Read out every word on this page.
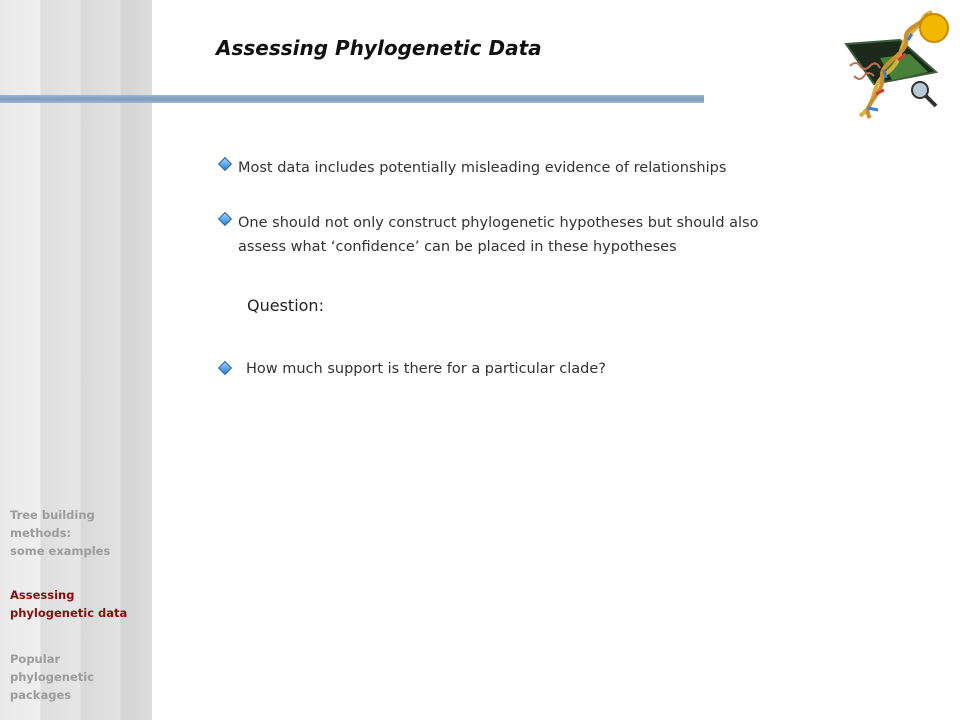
Assessing Phylogenetic Data
Most data includes potentially misleading evidence of relationships
One should not only construct phylogenetic hypotheses but should also
assess what ‘confidence’ can be placed in these hypotheses
Question:
How much support is there for a particular clade?
Tree building
methods:
some examples
Assessing
phylogenetic data
Popular
phylogenetic
packages
